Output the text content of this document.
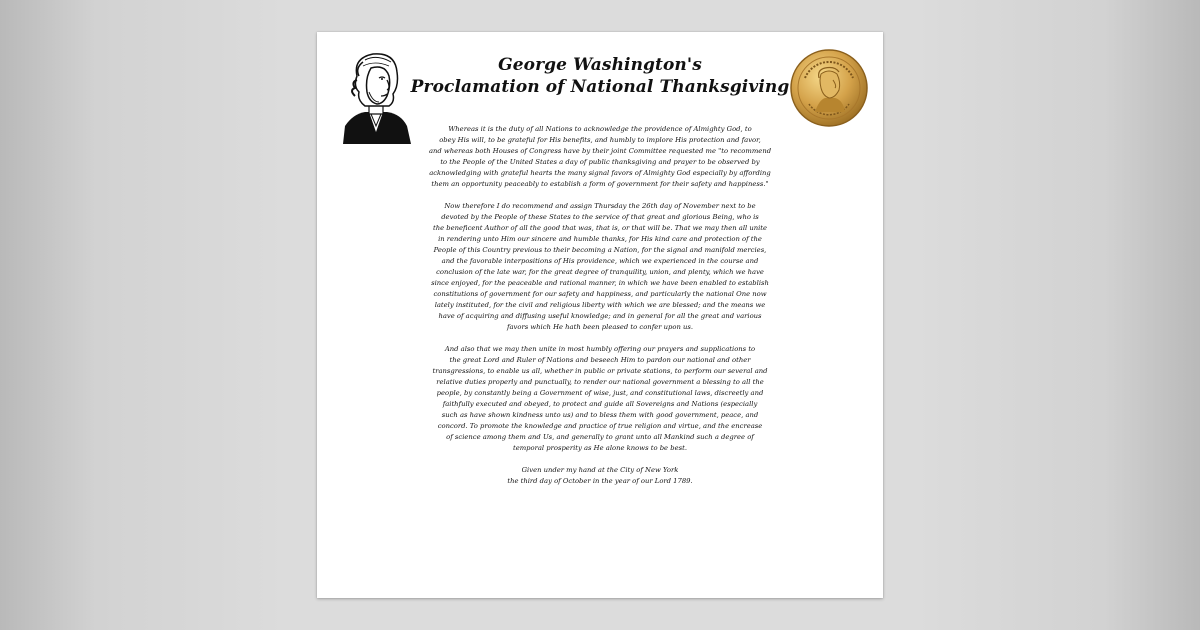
George Washington's
Proclamation of National Thanksgiving
Whereas it is the duty of all Nations to acknowledge the providence of Almighty God, to
obey His will, to be grateful for His benefits, and humbly to implore His protection and favor,
and whereas both Houses of Congress have by their joint Committee requested me "to recommend
to the People of the United States a day of public thanksgiving and prayer to be observed by
acknowledging with grateful hearts the many signal favors of Almighty God especially by affording
them an opportunity peaceably to establish a form of government for their safety and happiness."
Now therefore I do recommend and assign Thursday the 26th day of November next to be
devoted by the People of these States to the service of that great and glorious Being, who is
the beneficent Author of all the good that was, that is, or that will be. That we may then all unite
in rendering unto Him our sincere and humble thanks, for His kind care and protection of the
People of this Country previous to their becoming a Nation, for the signal and manifold mercies,
and the favorable interpositions of His providence, which we experienced in the course and
conclusion of the late war, for the great degree of tranquility, union, and plenty, which we have
since enjoyed, for the peaceable and rational manner, in which we have been enabled to establish
constitutions of government for our safety and happiness, and particularly the national One now
lately instituted, for the civil and religious liberty with which we are blessed; and the means we
have of acquiring and diffusing useful knowledge; and in general for all the great and various
favors which He hath been pleased to confer upon us.
And also that we may then unite in most humbly offering our prayers and supplications to
the great Lord and Ruler of Nations and beseech Him to pardon our national and other
transgressions, to enable us all, whether in public or private stations, to perform our several and
relative duties properly and punctually, to render our national government a blessing to all the
people, by constantly being a Government of wise, just, and constitutional laws, discreetly and
faithfully executed and obeyed, to protect and guide all Sovereigns and Nations (especially
such as have shown kindness unto us) and to bless them with good government, peace, and
concord. To promote the knowledge and practice of true religion and virtue, and the encrease
of science among them and Us, and generally to grant unto all Mankind such a degree of
temporal prosperity as He alone knows to be best.
Given under my hand at the City of New York
the third day of October in the year of our Lord 1789.
